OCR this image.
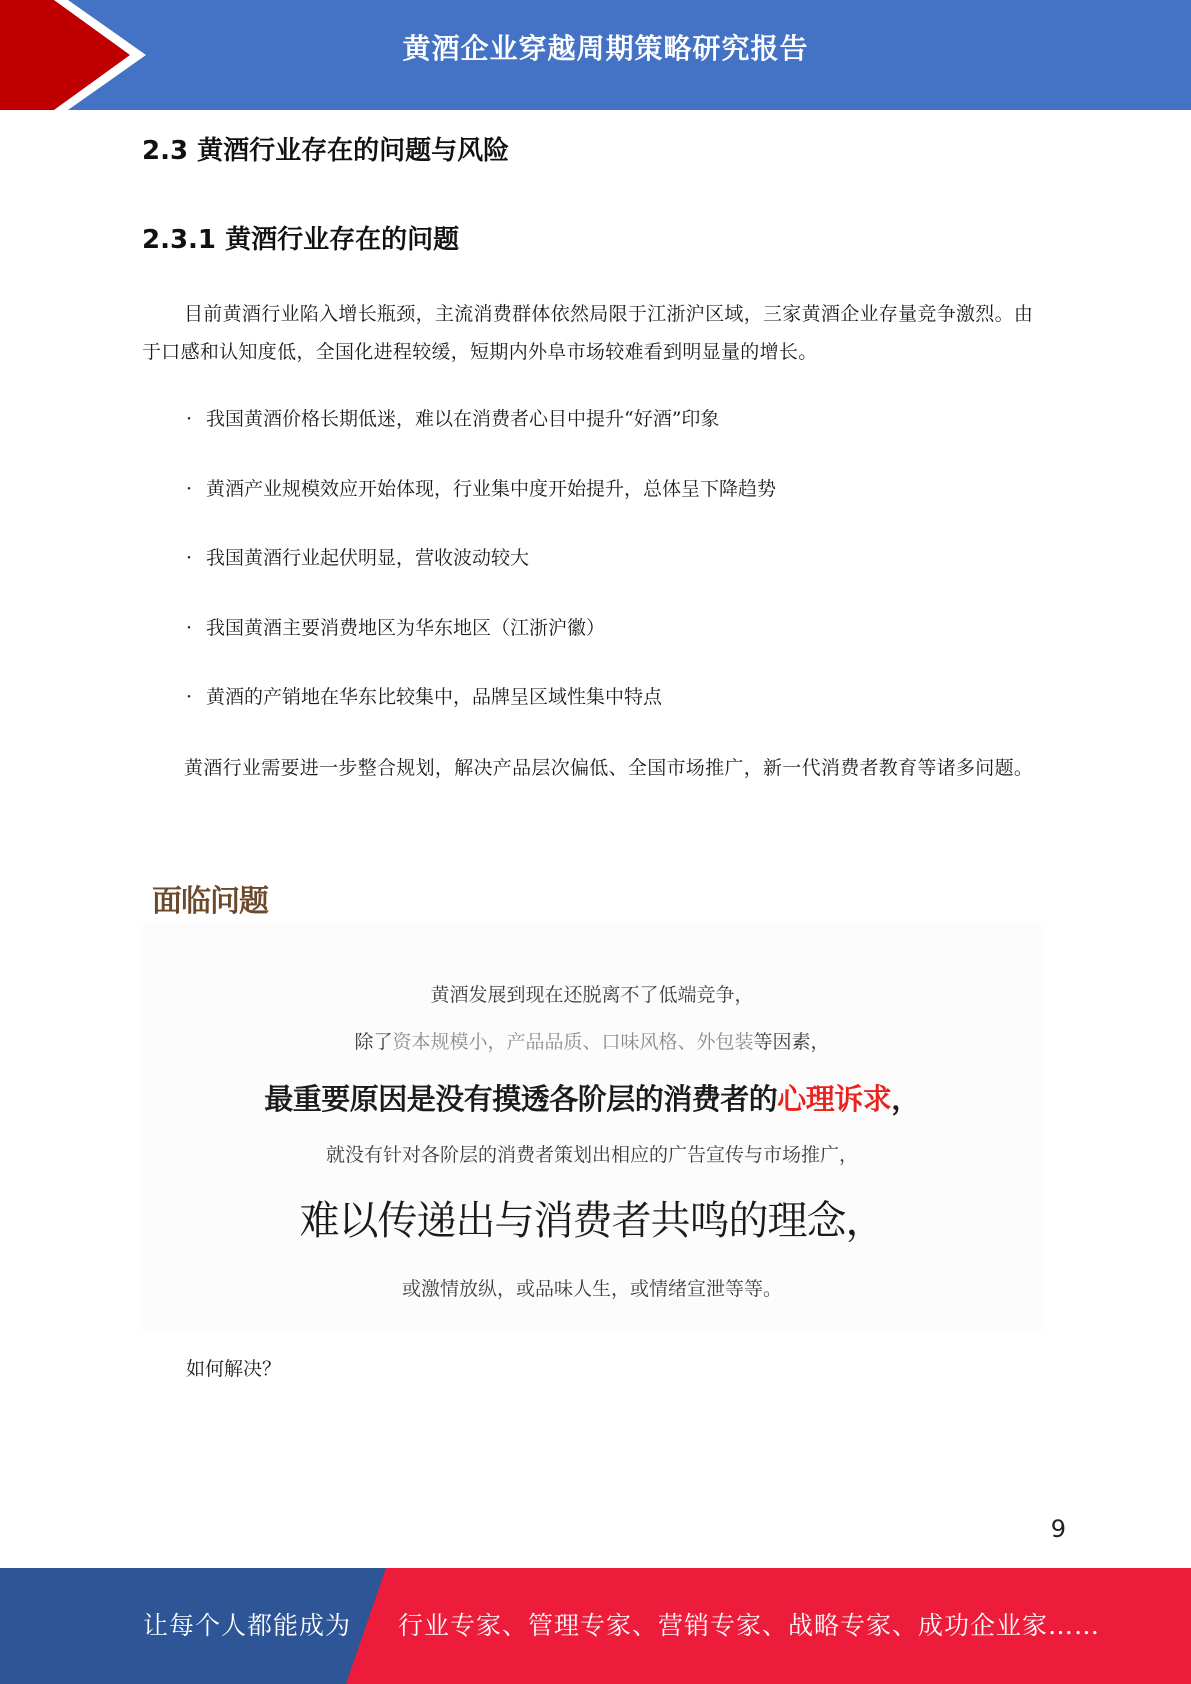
黄酒企业穿越周期策略研究报告
2.3 黄酒行业存在的问题与风险
2.3.1 黄酒行业存在的问题

目前黄酒行业陷入增长瓶颈，主流消费群体依然局限于江浙沪区域，三家黄酒企业存量竞争激烈。由于口感和认知度低，全国化进程较缓，短期内外阜市场较难看到明显量的增长。

· 我国黄酒价格长期低迷，难以在消费者心目中提升“好酒”印象
· 黄酒产业规模效应开始体现，行业集中度开始提升，总体呈下降趋势
· 我国黄酒行业起伏明显，营收波动较大
· 我国黄酒主要消费地区为华东地区（江浙沪徽）
· 黄酒的产销地在华东比较集中，品牌呈区域性集中特点

黄酒行业需要进一步整合规划，解决产品层次偏低、全国市场推广，新一代消费者教育等诸多问题。

面临问题
黄酒发展到现在还脱离不了低端竞争，
除了资本规模小，产品品质、口味风格、外包装等因素，
最重要原因是没有摸透各阶层的消费者的心理诉求，
就没有针对各阶层的消费者策划出相应的广告宣传与市场推广，
难以传递出与消费者共鸣的理念，
或激情放纵，或品味人生，或情绪宣泄等等。

如何解决？

9
让每个人都能成为 行业专家、管理专家、营销专家、战略专家、成功企业家……
